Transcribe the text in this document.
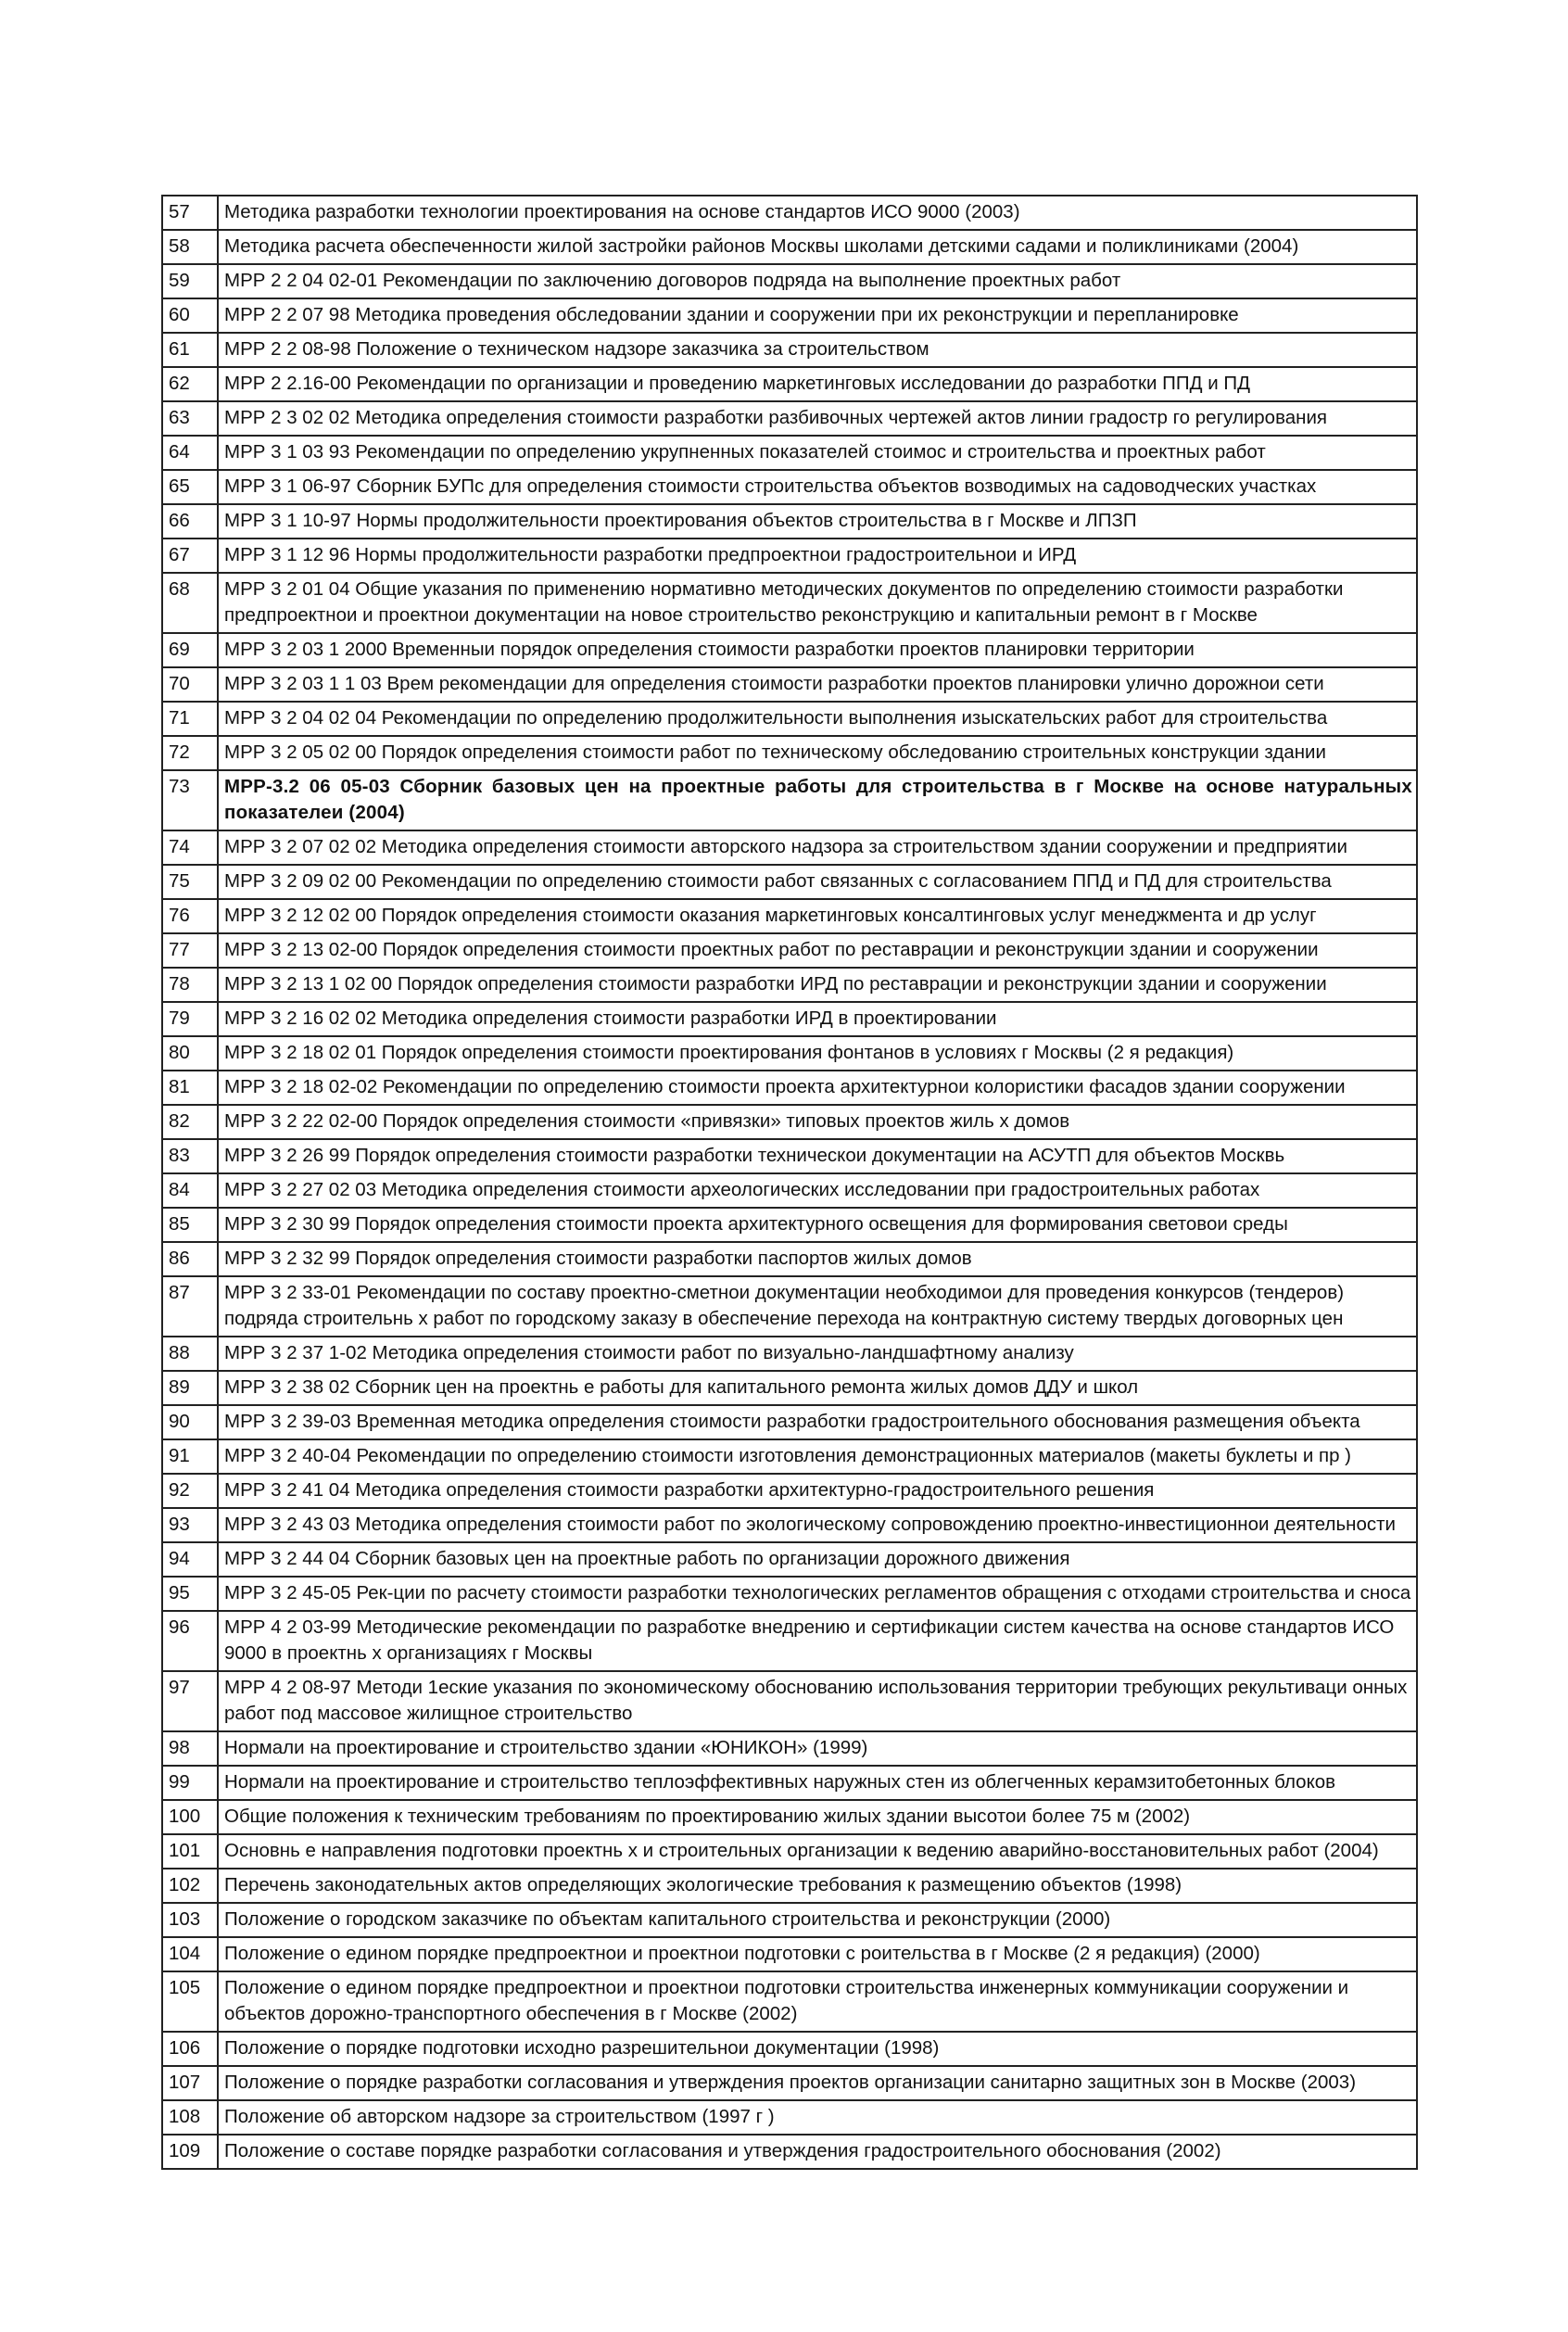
57	Методика разработки технологии проектирования на основе стандартов ИСО 9000 (2003)
58	Методика расчета обеспеченности жилой застройки районов Москвы школами детскими садами и поликлиниками (2004)
59	МРР 2 2 04 02-01 Рекомендации по заключению договоров подряда на выполнение проектных работ
60	МРР 2 2 07 98 Методика проведения обследовании здании и сооружении при их реконструкции и перепланировке
61	МРР 2 2 08-98 Положение о техническом надзоре заказчика за строительством
62	МРР 2 2.16-00 Рекомендации по организации и проведению маркетинговых исследовании до разработки ППД и ПД
63	МРР 2 3 02 02 Методика определения стоимости разработки разбивочных чертежей актов линии градостр го регулирования
64	МРР 3 1 03 93 Рекомендации по определению укрупненных показателей стоимос и строительства и проектных работ
65	МРР 3 1 06-97 Сборник БУПс для определения стоимости строительства объектов возводимых на садоводческих участках
66	МРР 3 1 10-97 Нормы продолжительности проектирования объектов строительства в г Москве и ЛПЗП
67	МРР 3 1 12 96 Нормы продолжительности разработки предпроектнои градостроительнои и ИРД
68	МРР 3 2 01 04 Общие указания по применению нормативно методических документов по определению стоимости разработки предпроектнои и проектнои документации на новое строительство реконструкцию и капитальныи ремонт в г Москве
69	МРР 3 2 03 1 2000 Временныи порядок определения стоимости разработки проектов планировки территории
70	МРР 3 2 03 1 1 03 Врем рекомендации для определения стоимости разработки проектов планировки улично дорожнои сети
71	МРР 3 2 04 02 04 Рекомендации по определению продолжительности выполнения изыскательских работ для строительства
72	МРР 3 2 05 02 00 Порядок определения стоимости работ по техническому обследованию строительных конструкции здании
73	МРР-3.2 06 05-03 Сборник базовых цен на проектные работы для строительства в г Москве на основе натуральных показателеи (2004)
74	МРР 3 2 07 02 02 Методика определения стоимости авторского надзора за строительством здании сооружении и предприятии
75	МРР 3 2 09 02 00 Рекомендации по определению стоимости работ связанных с согласованием ППД и ПД для строительства
76	МРР 3 2 12 02 00 Порядок определения стоимости оказания маркетинговых консалтинговых услуг менеджмента и др услуг
77	МРР 3 2 13 02-00 Порядок определения стоимости проектных работ по реставрации и реконструкции здании и сооружении
78	МРР 3 2 13 1 02 00 Порядок определения стоимости разработки ИРД по реставрации и реконструкции здании и сооружении
79	МРР 3 2 16 02 02 Методика определения стоимости разработки ИРД в проектировании
80	МРР 3 2 18 02 01 Порядок определения стоимости проектирования фонтанов в условиях г Москвы (2 я редакция)
81	МРР 3 2 18 02-02 Рекомендации по определению стоимости проекта архитектурнои колористики фасадов здании сооружении
82	МРР 3 2 22 02-00 Порядок определения стоимости «привязки» типовых проектов жиль х домов
83	МРР 3 2 26 99 Порядок определения стоимости разработки техническои документации на АСУТП для объектов Москвь
84	МРР 3 2 27 02 03 Методика определения стоимости археологических исследовании при градостроительных работах
85	МРР 3 2 30 99 Порядок определения стоимости проекта архитектурного освещения для формирования световои среды
86	МРР 3 2 32 99 Порядок определения стоимости разработки паспортов жилых домов
87	МРР 3 2 33-01 Рекомендации по составу проектно-сметнои документации необходимои для проведения конкурсов (тендеров) подряда строительнь х работ по городскому заказу в обеспечение перехода на контрактную систему твердых договорных цен
88	МРР 3 2 37 1-02 Методика определения стоимости работ по визуально-ландшафтному анализу
89	МРР 3 2 38 02 Сборник цен на проектнь е работы для капитального ремонта жилых домов ДДУ и школ
90	МРР 3 2 39-03 Временная методика определения стоимости разработки градостроительного обоснования размещения объекта
91	МРР 3 2 40-04 Рекомендации по определению стоимости изготовления демонстрационных материалов (макеты буклеты и пр )
92	МРР 3 2 41 04 Методика определения стоимости разработки архитектурно-градостроительного решения
93	МРР 3 2 43 03 Методика определения стоимости работ по экологическому сопровождению проектно-инвестиционнои деятельности
94	МРР 3 2 44 04 Сборник базовых цен на проектные работь по организации дорожного движения
95	МРР 3 2 45-05 Рек-ции по расчету стоимости разработки технологических регламентов обращения с отходами строительства и сноса
96	МРР 4 2 03-99 Методические рекомендации по разработке внедрению и сертификации систем качества на основе стандартов ИСО 9000 в проектнь х организациях г Москвы
97	МРР 4 2 08-97 Методи 1еские указания по экономическому обоснованию использования территории требующих рекультиваци онных работ под массовое жилищное строительство
98	Нормали на проектирование и строительство здании «ЮНИКОН» (1999)
99	Нормали на проектирование и строительство теплоэффективных наружных стен из облегченных керамзитобетонных блоков
100	Общие положения к техническим требованиям по проектированию жилых здании высотои более 75 м (2002)
101	Основнь е направления подготовки проектнь х и строительных организации к ведению аварийно-восстановительных работ (2004)
102	Перечень законодательных актов определяющих экологические требования к размещению объектов (1998)
103	Положение о городском заказчике по объектам капитального строительства и реконструкции (2000)
104	Положение о едином порядке предпроектнои и проектнои подготовки с роительства в г Москве (2 я редакция) (2000)
105	Положение о едином порядке предпроектнои и проектнои подготовки строительства инженерных коммуникации сооружении и объектов дорожно-транспортного обеспечения в г Москве (2002)
106	Положение о порядке подготовки исходно разрешительнои документации (1998)
107	Положение о порядке разработки согласования и утверждения проектов организации санитарно защитных зон в Москве (2003)
108	Положение об авторском надзоре за строительством (1997 г )
109	Положение о составе порядке разработки согласования и утверждения градостроительного обоснования (2002)
